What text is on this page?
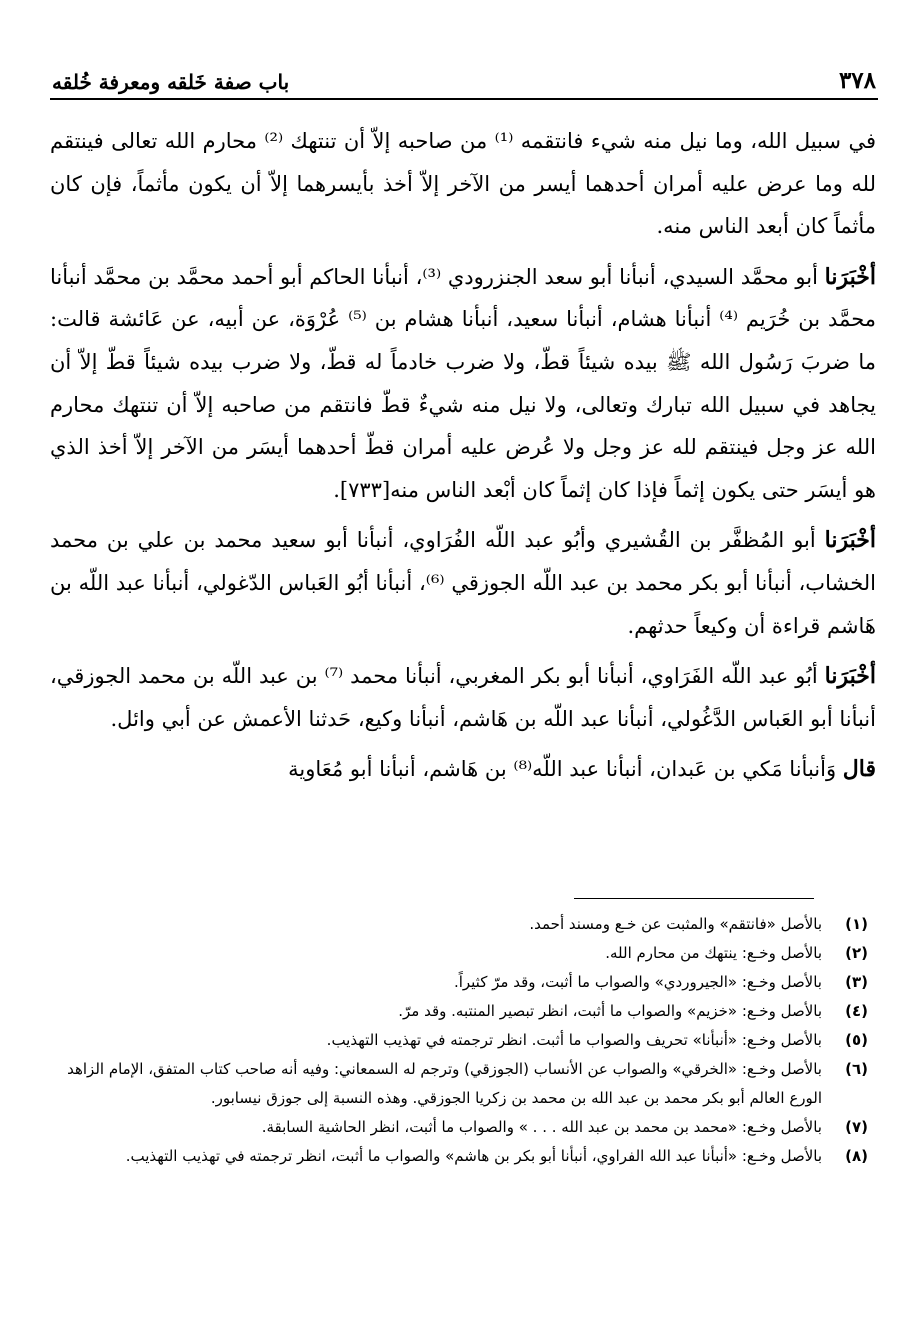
٣٧٨
باب صفة خَلقه ومعرفة خُلقه

في سبيل الله، وما نيل منه شيء فانتقمه ⁽¹⁾ من صاحبه إلاّ أن تنتهك ⁽²⁾ محارم الله تعالى فينتقم لله وما عرض عليه أمران أحدهما أيسر من الآخر إلاّ أخذ بأيسرهما إلاّ أن يكون مأثماً، فإن كان مأثماً كان أبعد الناس منه.

أخْبَرَنا أبو محمَّد السيدي، أنبأنا أبو سعد الجنزرودي ⁽³⁾، أنبأنا الحاكم أبو أحمد محمَّد بن محمَّد أنبأنا محمَّد بن خُرَيم ⁽⁴⁾ أنبأنا هشام، أنبأنا سعيد، أنبأنا هشام بن ⁽⁵⁾ عُرْوَة، عن أبيه، عن عَائشة قالت: ما ضربَ رَسُول الله ﷺ بيده شيئاً قطّ، ولا ضرب خادماً له قطّ، ولا ضرب بيده شيئاً قطّ إلاّ أن يجاهد في سبيل الله تبارك وتعالى، ولا نيل منه شيءٌ قطّ فانتقم من صاحبه إلاّ أن تنتهك محارم الله عز وجل فينتقم لله عز وجل ولا عُرض عليه أمران قطّ أحدهما أيسَر من الآخر إلاّ أخذ الذي هو أيسَر حتى يكون إثماً فإذا كان إثماً كان أبْعد الناس منه[٧٣٣].

أخْبَرَنا أبو المُظفَّر بن القُشيري وأبُو عبد اللّه الفُرَاوي، أنبأنا أبو سعيد محمد بن علي بن محمد الخشاب، أنبأنا أبو بكر محمد بن عبد اللّه الجوزقي ⁽⁶⁾، أنبأنا أبُو العَباس الدّغولي، أنبأنا عبد اللّه بن هَاشم قراءة أن وكيعاً حدثهم.

أخْبَرَنا أبُو عبد اللّه الفَرَاوي، أنبأنا أبو بكر المغربي، أنبأنا محمد ⁽⁷⁾ بن عبد اللّه بن محمد الجوزقي، أنبأنا أبو العَباس الدَّغُولي، أنبأنا عبد اللّه بن هَاشم، أنبأنا وكيع، حَدثنا الأعمش عن أبي وائل.

قال وَأنبأنا مَكي بن عَبدان، أنبأنا عبد اللّه⁽⁸⁾ بن هَاشم، أنبأنا أبو مُعَاوية

(١)
بالأصل «فانتقم» والمثبت عن خـع ومسند أحمد.
(٢)
بالأصل وخـع: ينتهك من محارم الله.
(٣)
بالأصل وخـع: «الجيروردي» والصواب ما أثبت، وقد مرّ كثيراً.
(٤)
بالأصل وخـع: «خزيم» والصواب ما أثبت، انظر تبصير المنتبه. وقد مرّ.
(٥)
بالأصل وخـع: «أنبأنا» تحريف والصواب ما أثبت. انظر ترجمته في تهذيب التهذيب.
(٦)
بالأصل وخـع: «الخرقي» والصواب عن الأنساب (الجوزقي) وترجم له السمعاني: وفيه أنه صاحب كتاب المتفق، الإمام الزاهد الورع العالم أبو بكر محمد بن عبد الله بن محمد بن زكريا الجوزقي. وهذه النسبة إلى جوزق نيسابور.
(٧)
بالأصل وخـع: «محمد بن محمد بن عبد الله . . . » والصواب ما أثبت، انظر الحاشية السابقة.
(٨)
بالأصل وخـع: «أنبأنا عبد الله الفراوي، أنبأنا أبو بكر بن هاشم» والصواب ما أثبت، انظر ترجمته في تهذيب التهذيب.
